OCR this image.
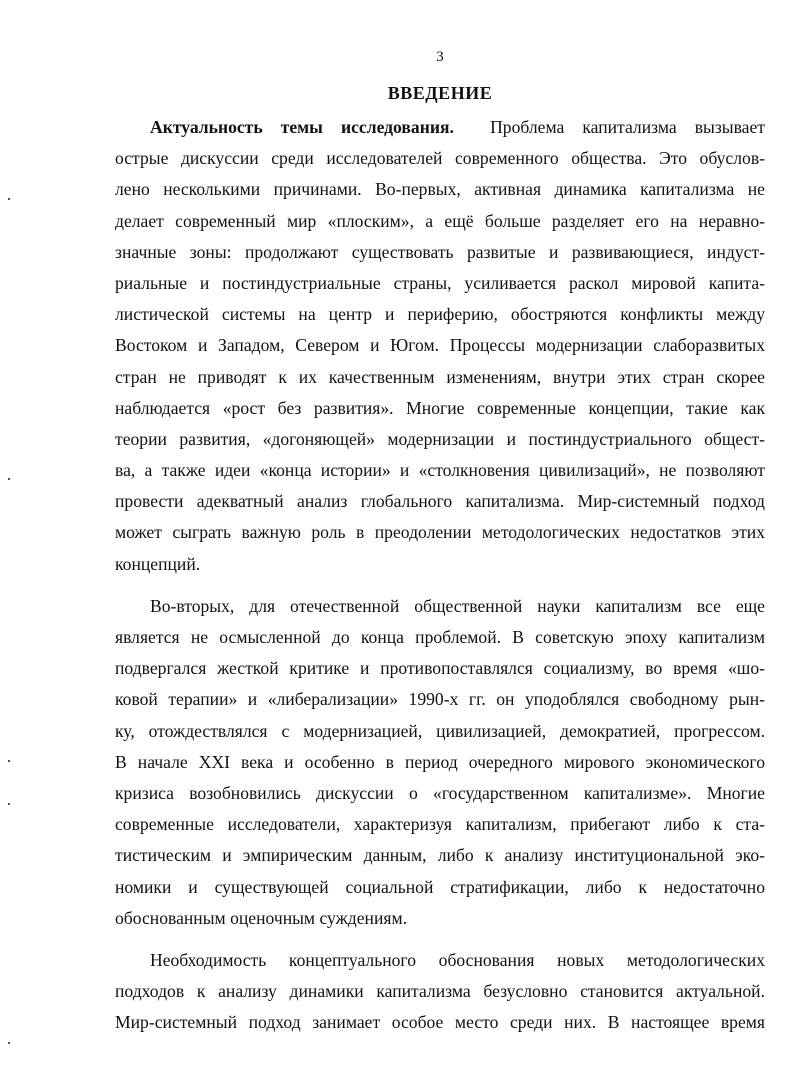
3
ВВЕДЕНИЕ
Актуальность темы исследования. Проблема капитализма вызывает
острые дискуссии среди исследователей современного общества. Это обуслов-
лено несколькими причинами. Во-первых, активная динамика капитализма не
делает современный мир «плоским», а ещё больше разделяет его на неравно-
значные зоны: продолжают существовать развитые и развивающиеся, индуст-
риальные и постиндустриальные страны, усиливается раскол мировой капита-
листической системы на центр и периферию, обостряются конфликты между
Востоком и Западом, Севером и Югом. Процессы модернизации слаборазвитых
стран не приводят к их качественным изменениям, внутри этих стран скорее
наблюдается «рост без развития». Многие современные концепции, такие как
теории развития, «догоняющей» модернизации и постиндустриального общест-
ва, а также идеи «конца истории» и «столкновения цивилизаций», не позволяют
провести адекватный анализ глобального капитализма. Мир-системный подход
может сыграть важную роль в преодолении методологических недостатков этих
концепций.
Во-вторых, для отечественной общественной науки капитализм все еще
является не осмысленной до конца проблемой. В советскую эпоху капитализм
подвергался жесткой критике и противопоставлялся социализму, во время «шо-
ковой терапии» и «либерализации» 1990-х гг. он уподоблялся свободному рын-
ку, отождествлялся с модернизацией, цивилизацией, демократией, прогрессом.
В начале XXI века и особенно в период очередного мирового экономического
кризиса возобновились дискуссии о «государственном капитализме». Многие
современные исследователи, характеризуя капитализм, прибегают либо к ста-
тистическим и эмпирическим данным, либо к анализу институциональной эко-
номики и существующей социальной стратификации, либо к недостаточно
обоснованным оценочным суждениям.
Необходимость концептуального обоснования новых методологических
подходов к анализу динамики капитализма безусловно становится актуальной.
Мир-системный подход занимает особое место среди них. В настоящее время
